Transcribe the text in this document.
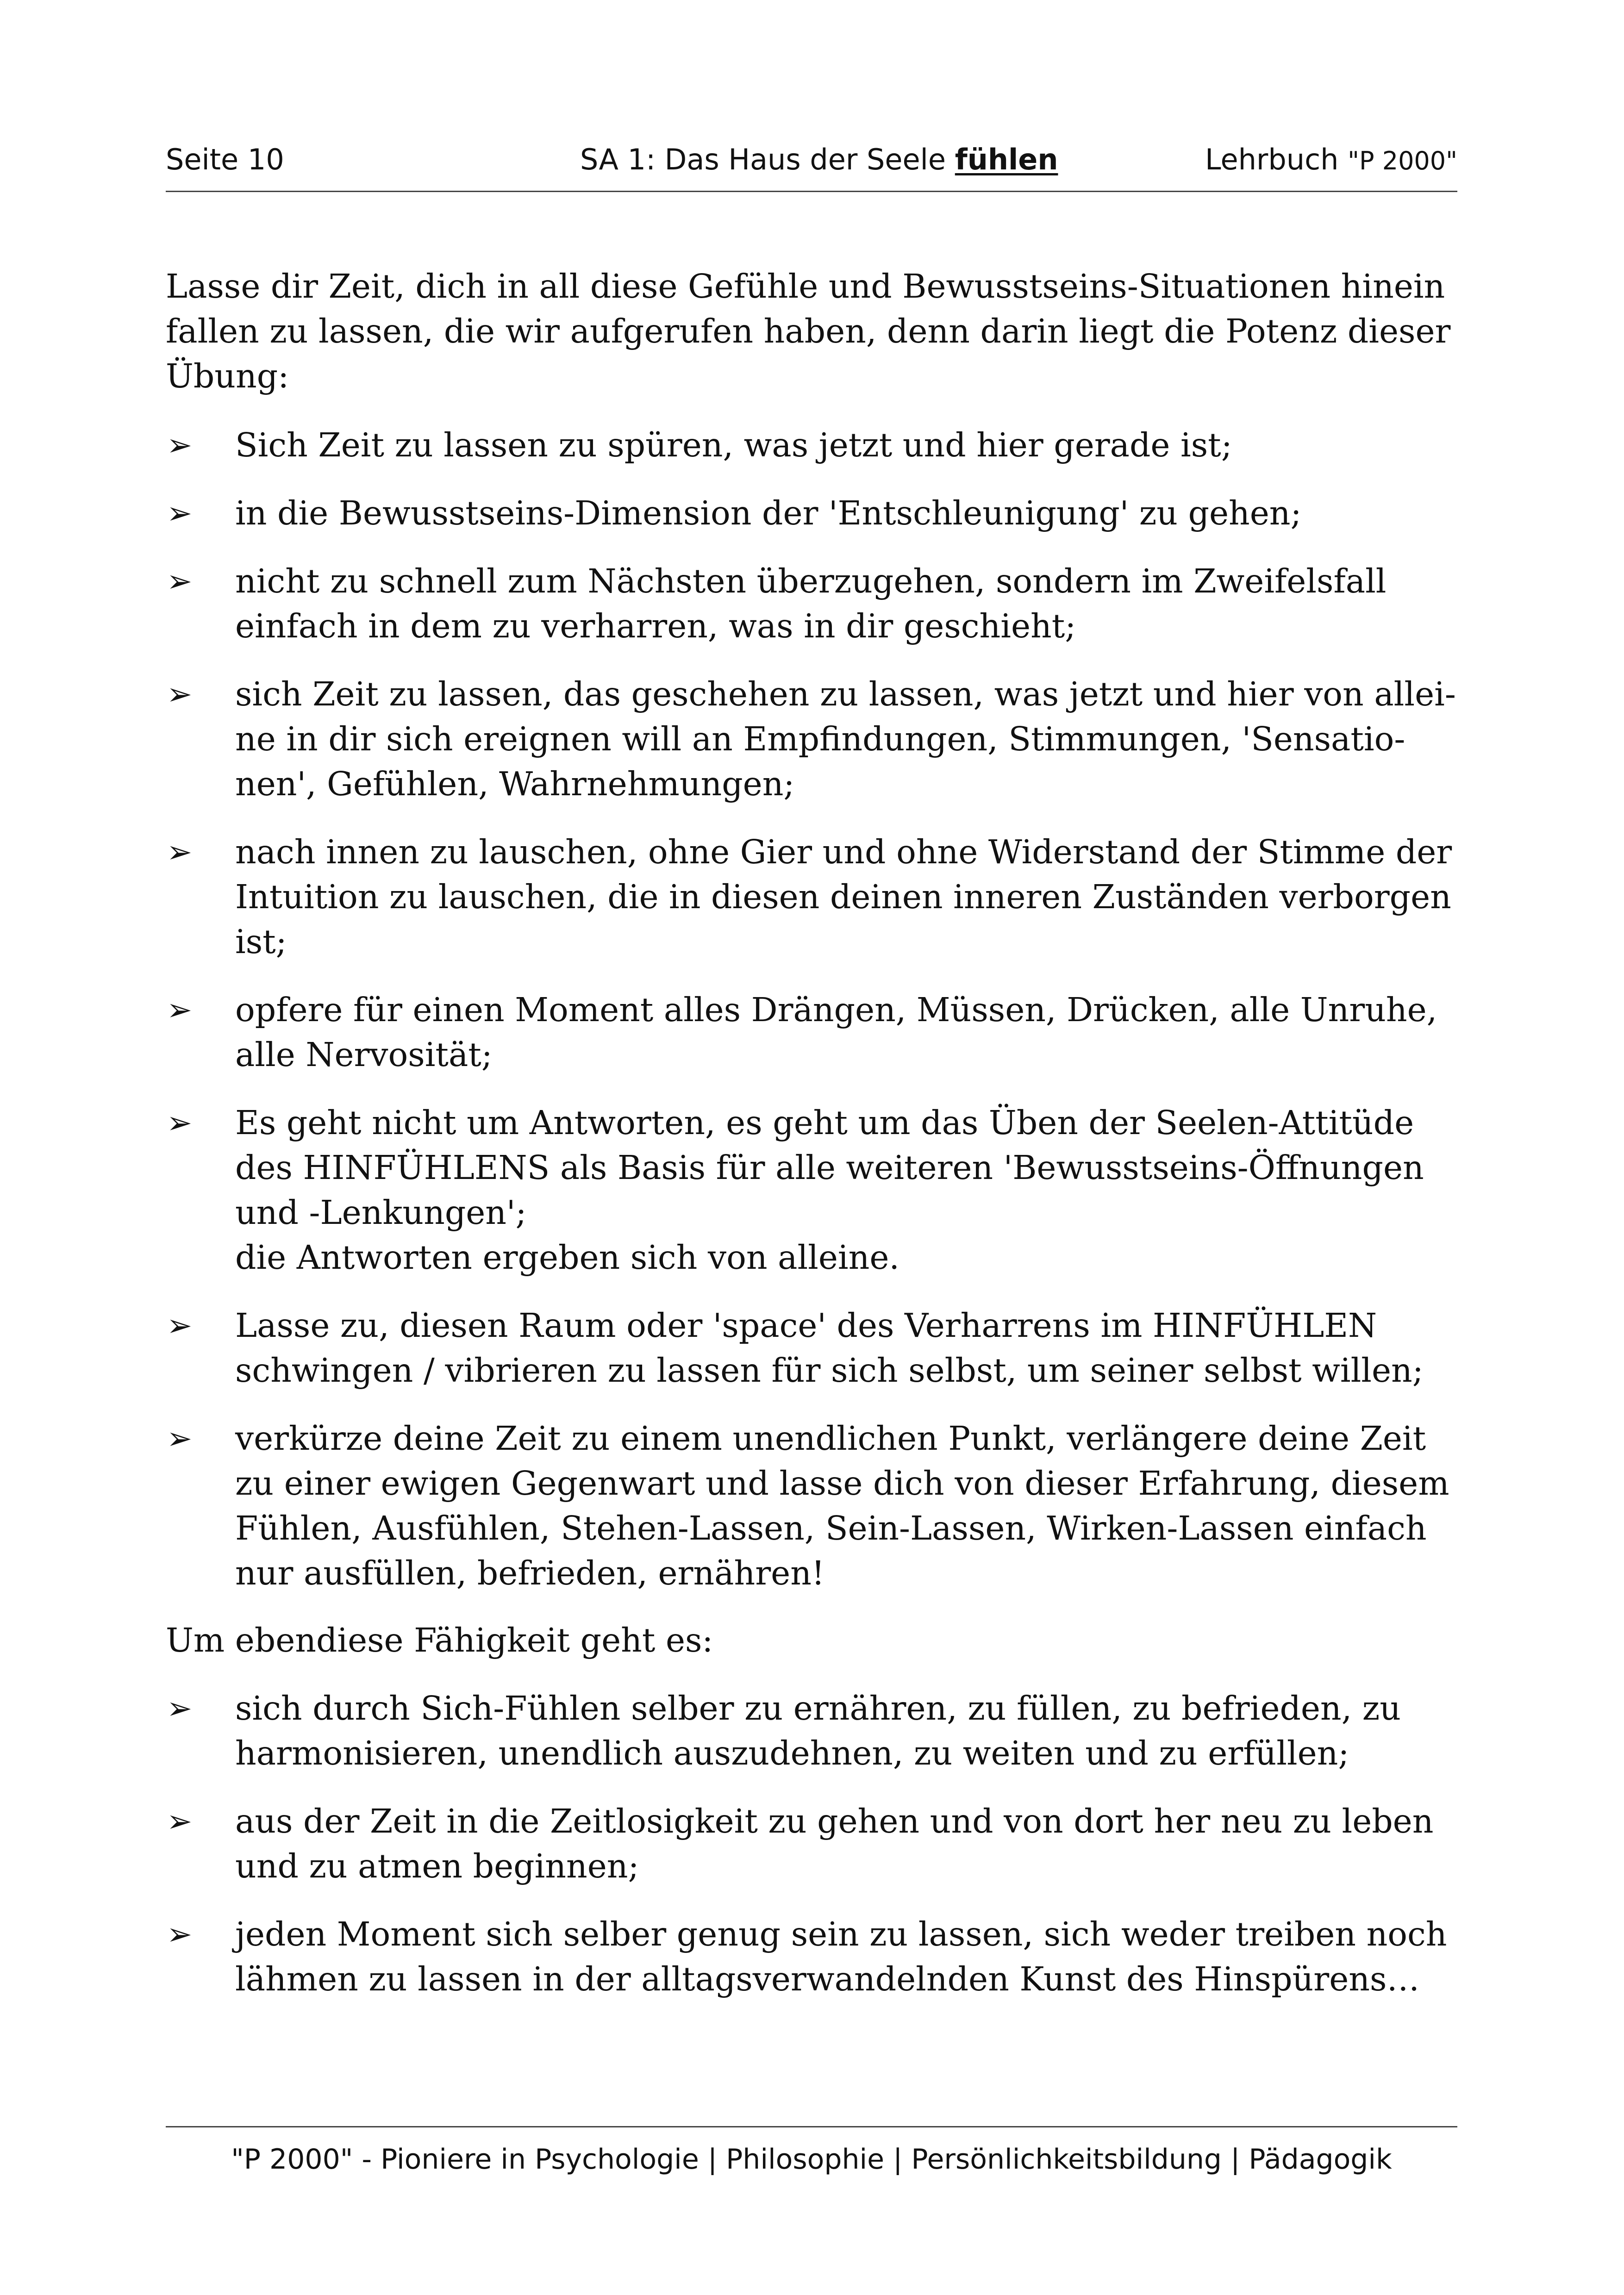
Seite 10	SA 1: Das Haus der Seele fühlen	Lehrbuch "P 2000"

Lasse dir Zeit, dich in all diese Gefühle und Bewusstseins-Situationen hinein
fallen zu lassen, die wir aufgerufen haben, denn darin liegt die Potenz dieser
Übung:

➢ Sich Zeit zu lassen zu spüren, was jetzt und hier gerade ist;
➢ in die Bewusstseins-Dimension der 'Entschleunigung' zu gehen;
➢ nicht zu schnell zum Nächsten überzugehen, sondern im Zweifelsfall
einfach in dem zu verharren, was in dir geschieht;
➢ sich Zeit zu lassen, das geschehen zu lassen, was jetzt und hier von allei-
ne in dir sich ereignen will an Empfindungen, Stimmungen, 'Sensatio-
nen', Gefühlen, Wahrnehmungen;
➢ nach innen zu lauschen, ohne Gier und ohne Widerstand der Stimme der
Intuition zu lauschen, die in diesen deinen inneren Zuständen verborgen
ist;
➢ opfere für einen Moment alles Drängen, Müssen, Drücken, alle Unruhe,
alle Nervosität;
➢ Es geht nicht um Antworten, es geht um das Üben der Seelen-Attitüde
des HINFÜHLENS als Basis für alle weiteren 'Bewusstseins-Öffnungen
und -Lenkungen';
die Antworten ergeben sich von alleine.
➢ Lasse zu, diesen Raum oder 'space' des Verharrens im HINFÜHLEN
schwingen / vibrieren zu lassen für sich selbst, um seiner selbst willen;
➢ verkürze deine Zeit zu einem unendlichen Punkt, verlängere deine Zeit
zu einer ewigen Gegenwart und lasse dich von dieser Erfahrung, diesem
Fühlen, Ausfühlen, Stehen-Lassen, Sein-Lassen, Wirken-Lassen einfach
nur ausfüllen, befrieden, ernähren!

Um ebendiese Fähigkeit geht es:

➢ sich durch Sich-Fühlen selber zu ernähren, zu füllen, zu befrieden, zu
harmonisieren, unendlich auszudehnen, zu weiten und zu erfüllen;
➢ aus der Zeit in die Zeitlosigkeit zu gehen und von dort her neu zu leben
und zu atmen beginnen;
➢ jeden Moment sich selber genug sein zu lassen, sich weder treiben noch
lähmen zu lassen in der alltagsverwandelnden Kunst des Hinspürens…
"P 2000" - Pioniere in Psychologie | Philosophie | Persönlichkeitsbildung | Pädagogik
